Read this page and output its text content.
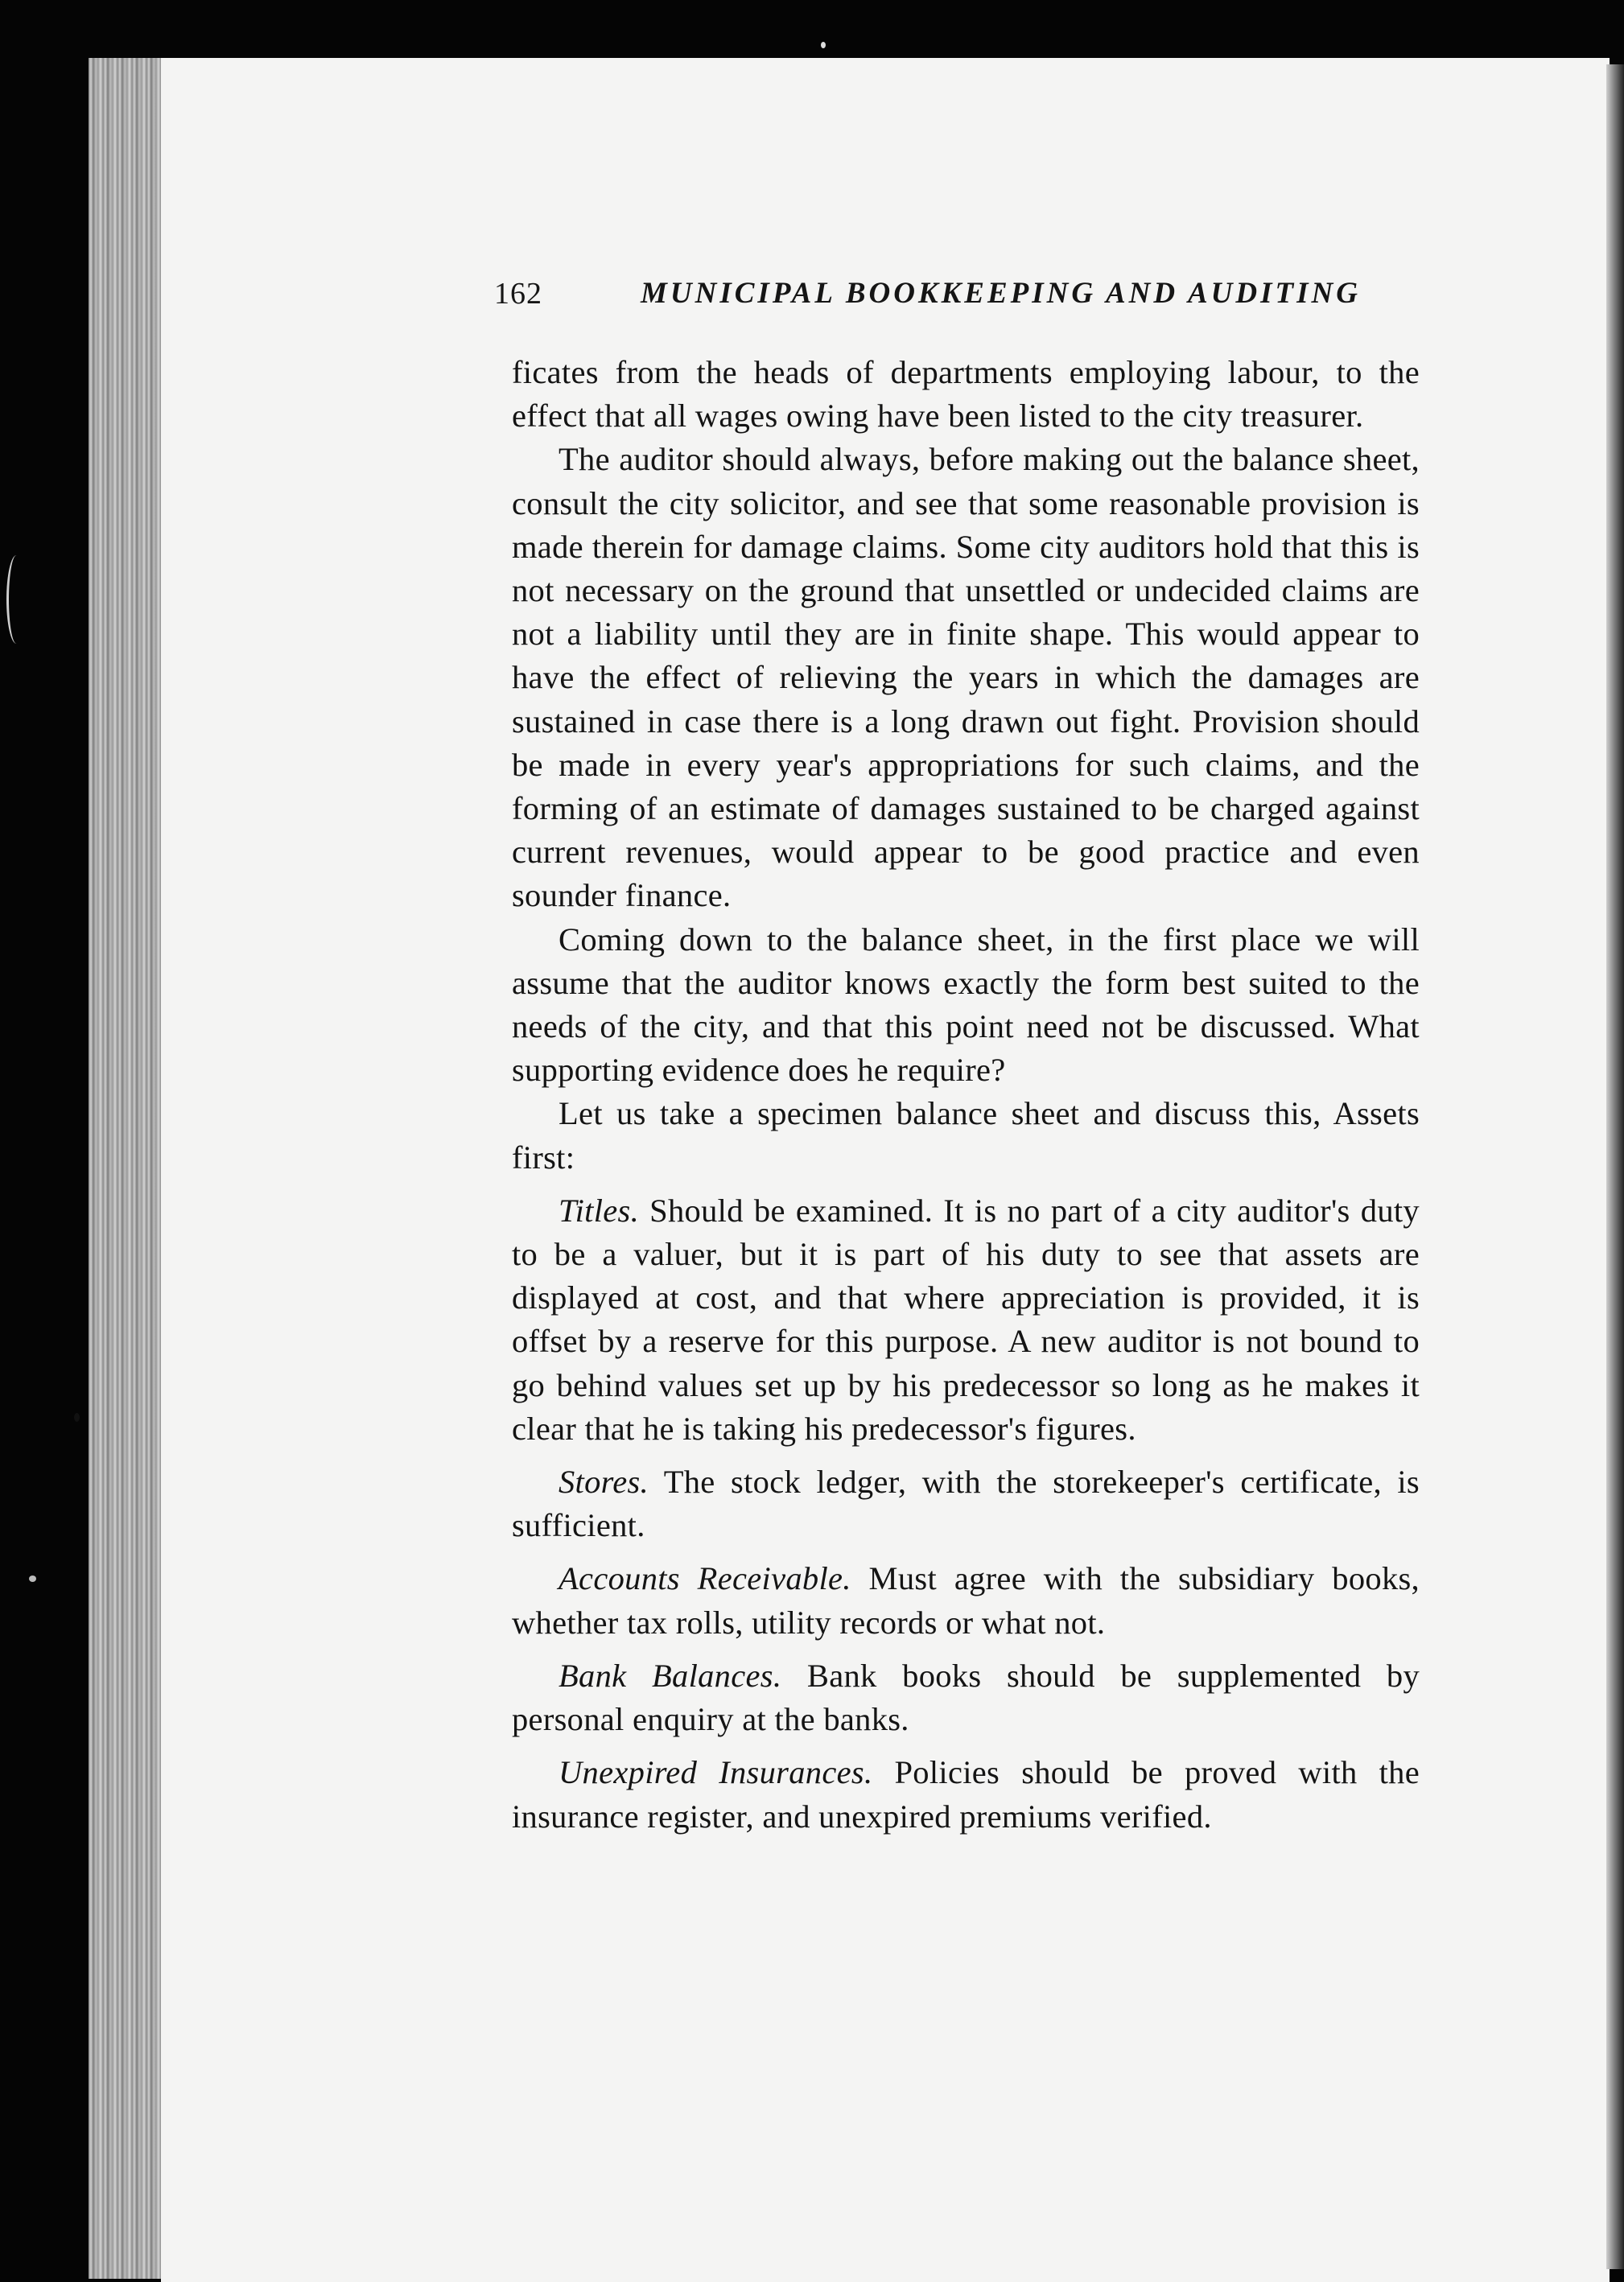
162	MUNICIPAL BOOKKEEPING AND AUDITING

ficates from the heads of departments employing labour, to the effect that all wages owing have been listed to the city treasurer.

The auditor should always, before making out the balance sheet, consult the city solicitor, and see that some reasonable provision is made therein for damage claims. Some city auditors hold that this is not necessary on the ground that unsettled or undecided claims are not a liability until they are in finite shape. This would appear to have the effect of relieving the years in which the damages are sustained in case there is a long drawn out fight. Provision should be made in every year's appropriations for such claims, and the forming of an estimate of damages sustained to be charged against current revenues, would appear to be good practice and even sounder finance.

Coming down to the balance sheet, in the first place we will assume that the auditor knows exactly the form best suited to the needs of the city, and that this point need not be discussed. What supporting evidence does he require?

Let us take a specimen balance sheet and discuss this, Assets first:

Titles. Should be examined. It is no part of a city auditor's duty to be a valuer, but it is part of his duty to see that assets are displayed at cost, and that where appreciation is provided, it is offset by a reserve for this purpose. A new auditor is not bound to go behind values set up by his predecessor so long as he makes it clear that he is taking his predecessor's figures.

Stores. The stock ledger, with the storekeeper's certificate, is sufficient.

Accounts Receivable. Must agree with the subsidiary books, whether tax rolls, utility records or what not.

Bank Balances. Bank books should be supplemented by personal enquiry at the banks.

Unexpired Insurances. Policies should be proved with the insurance register, and unexpired premiums verified.
